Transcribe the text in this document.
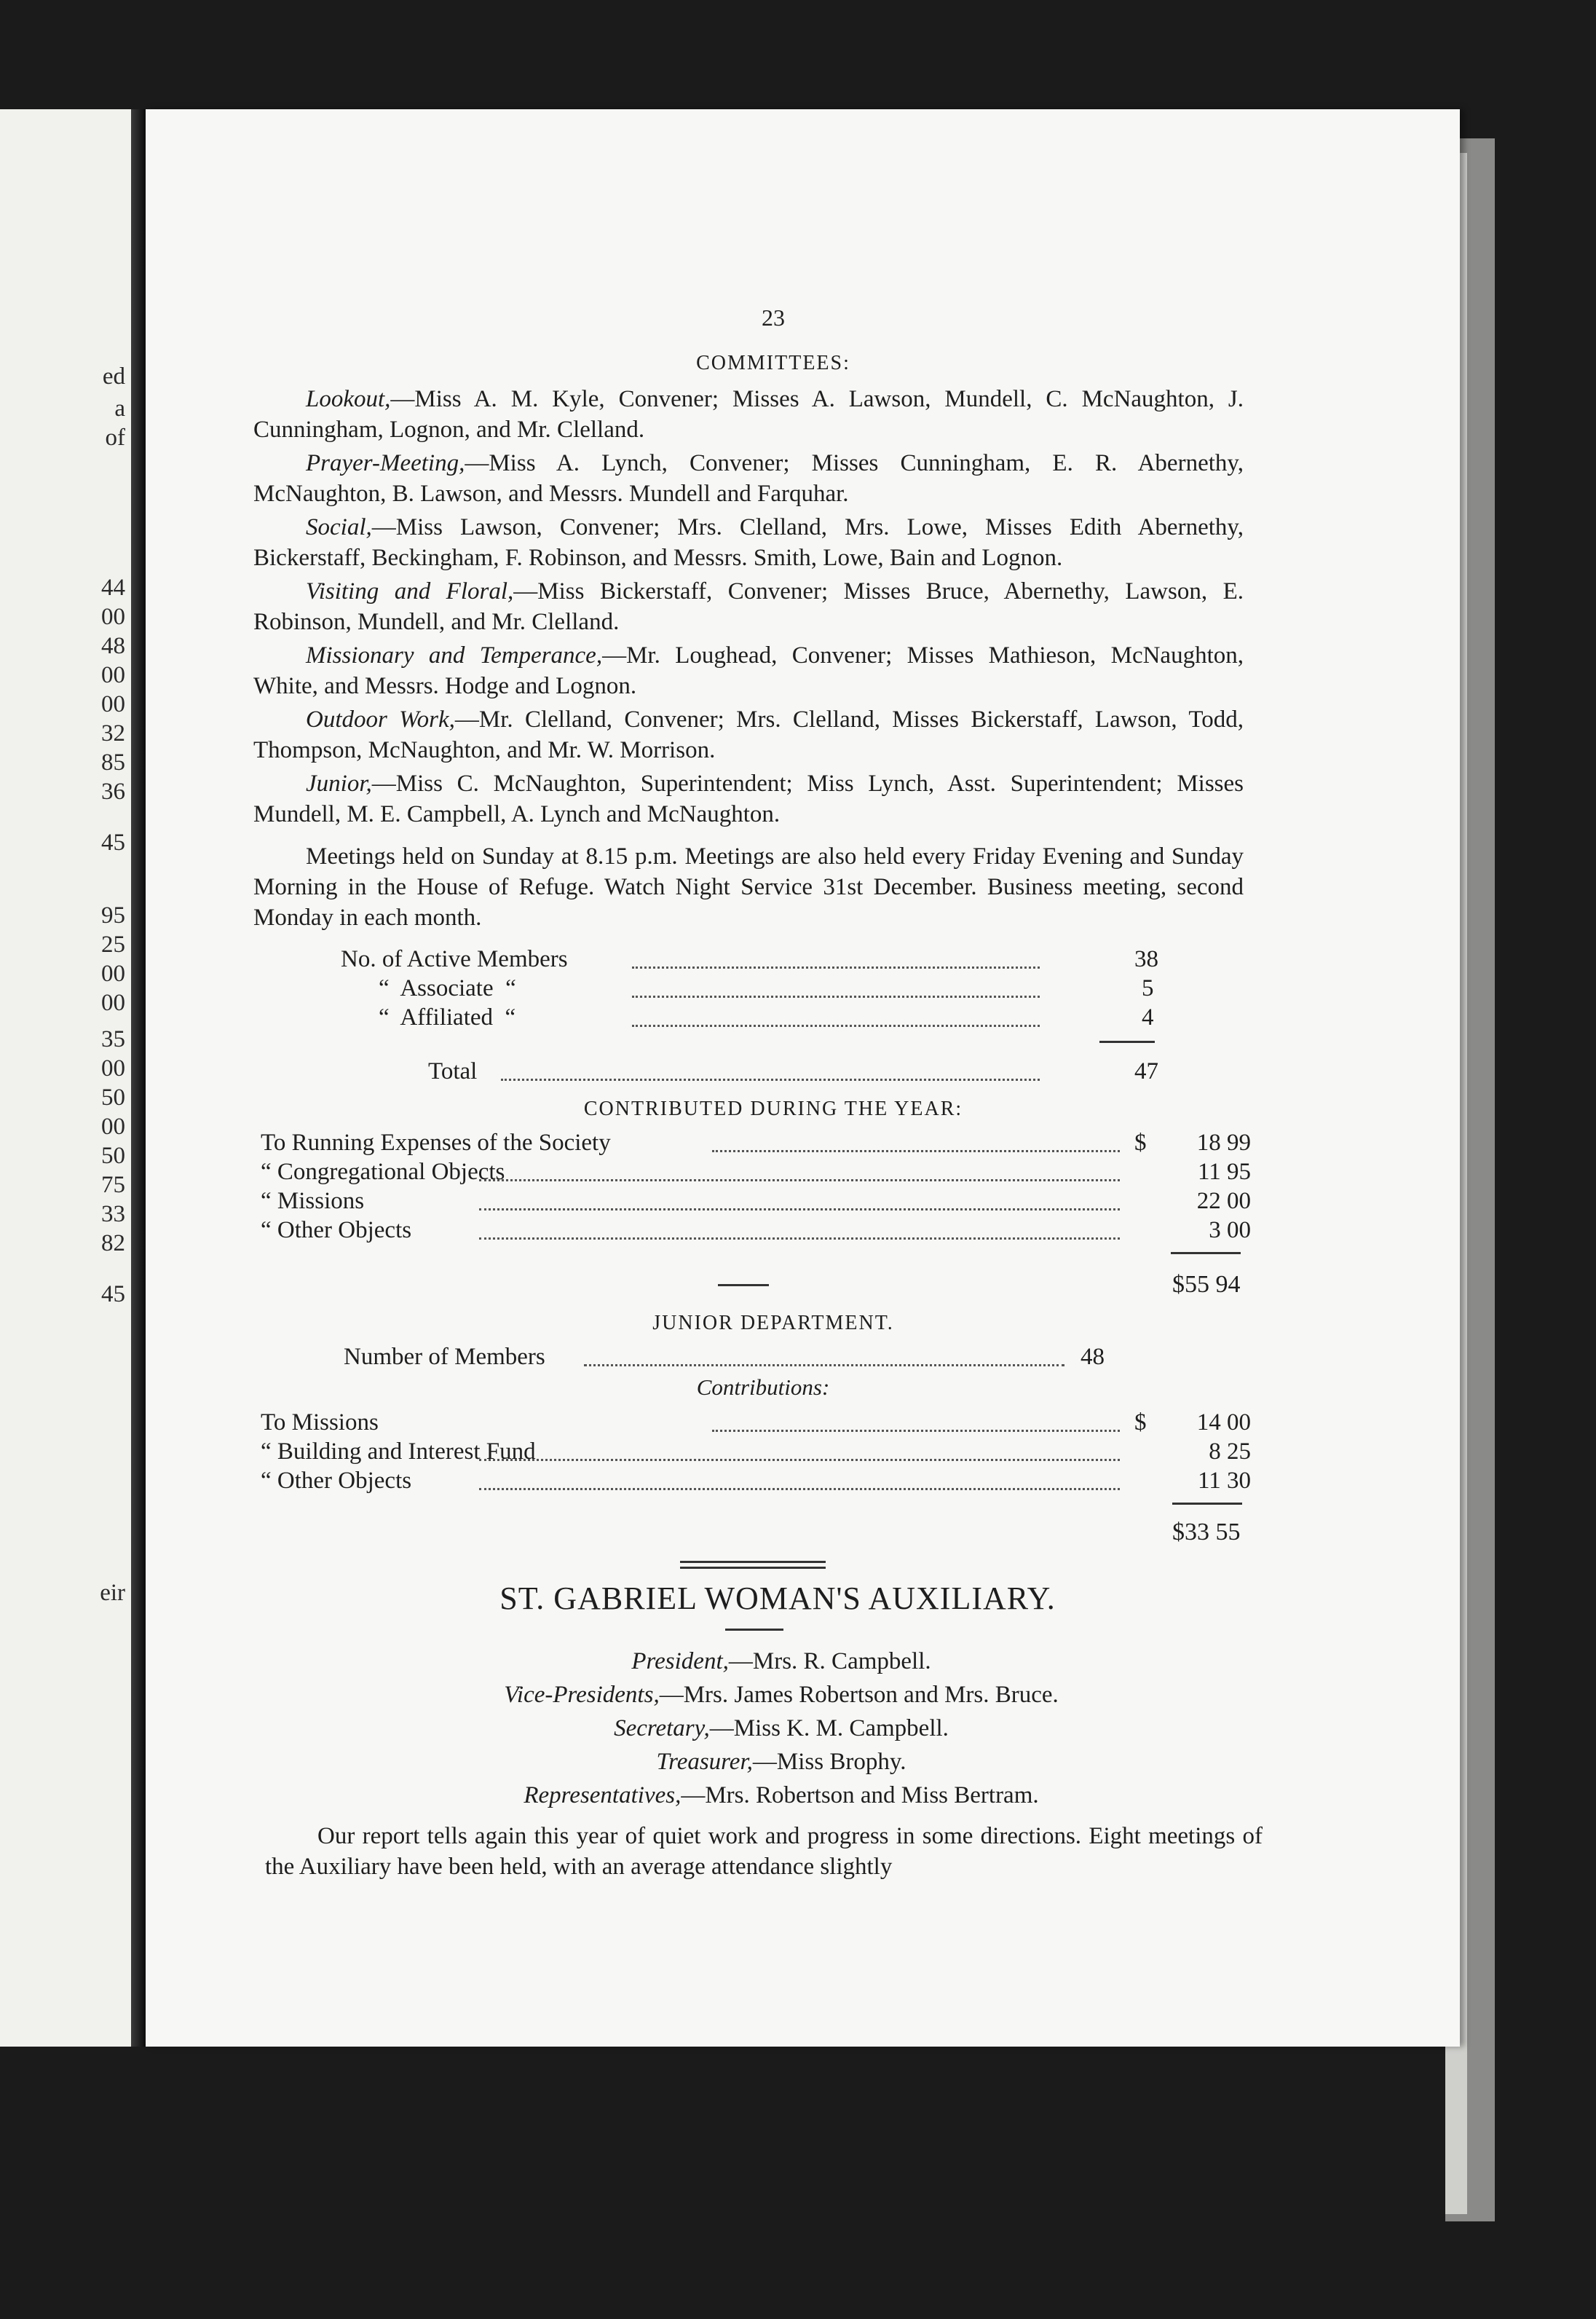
ed
a
of
44
00
48
00
00
32
85
36
45
95
25
00
00
35
00
50
00
50
75
33
82
45
eir
23
COMMITTEES:
Lookout,—Miss A. M. Kyle, Convener; Misses A. Lawson, Mundell, C. McNaughton, J. Cunningham, Lognon, and Mr. Clelland.
Prayer-Meeting,—Miss A. Lynch, Convener; Misses Cunningham, E. R. Abernethy, McNaughton, B. Lawson, and Messrs. Mundell and Farquhar.
Social,—Miss Lawson, Convener; Mrs. Clelland, Mrs. Lowe, Misses Edith Abernethy, Bickerstaff, Beckingham, F. Robinson, and Messrs. Smith, Lowe, Bain and Lognon.
Visiting and Floral,—Miss Bickerstaff, Convener; Misses Bruce, Abernethy, Lawson, E. Robinson, Mundell, and Mr. Clelland.
Missionary and Temperance,—Mr. Loughead, Convener; Misses Mathieson, McNaughton, White, and Messrs. Hodge and Lognon.
Outdoor Work,—Mr. Clelland, Convener; Mrs. Clelland, Misses Bickerstaff, Lawson, Todd, Thompson, McNaughton, and Mr. W. Morrison.
Junior,—Miss C. McNaughton, Superintendent; Miss Lynch, Asst. Superintendent; Misses Mundell, M. E. Campbell, A. Lynch and McNaughton.
Meetings held on Sunday at 8.15 p.m. Meetings are also held every Friday Evening and Sunday Morning in the House of Refuge. Watch Night Service 31st December. Business meeting, second Monday in each month.
No. of Active Members	38
“  Associate  “	5
“  Affiliated  “	4
Total	47
CONTRIBUTED DURING THE YEAR:
To Running Expenses of the Society	$ 18 99
“ Congregational Objects	11 95
“ Missions	22 00
“ Other Objects	3 00
$55 94
JUNIOR DEPARTMENT.
Number of Members	48
Contributions:
To Missions	$ 14 00
“ Building and Interest Fund	8 25
“ Other Objects	11 30
$33 55
ST. GABRIEL WOMAN'S AUXILIARY.
President,—Mrs. R. Campbell.
Vice-Presidents,—Mrs. James Robertson and Mrs. Bruce.
Secretary,—Miss K. M. Campbell.
Treasurer,—Miss Brophy.
Representatives,—Mrs. Robertson and Miss Bertram.
Our report tells again this year of quiet work and progress in some directions. Eight meetings of the Auxiliary have been held, with an average attendance slightly
